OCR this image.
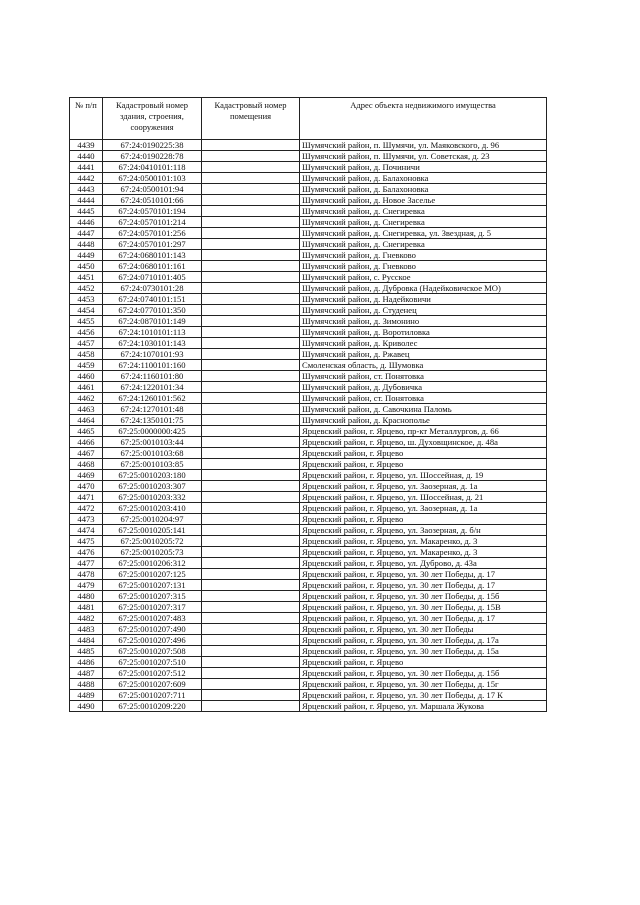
№ п/п	Кадастровый номер здания, строения, сооружения	Кадастровый номер помещения	Адрес объекта недвижимого имущества
4439	67:24:0190225:38		Шумячский район, п. Шумячи, ул. Маяковского, д. 96
4440	67:24:0190228:78		Шумячский район, п. Шумячи, ул. Советская, д. 23
4441	67:24:0410101:118		Шумячский район, д. Починичи
4442	67:24:0500101:103		Шумячский район, д. Балахоновка
4443	67:24:0500101:94		Шумячский район, д. Балахоновка
4444	67:24:0510101:66		Шумячский район, д. Новое Заселье
4445	67:24:0570101:194		Шумячский район, д. Снегиревка
4446	67:24:0570101:214		Шумячский район, д. Снегиревка
4447	67:24:0570101:256		Шумячский район, д. Снегиревка, ул. Звездная, д. 5
4448	67:24:0570101:297		Шумячский район, д. Снегиревка
4449	67:24:0680101:143		Шумячский район, д. Гневково
4450	67:24:0680101:161		Шумячский район, д. Гневково
4451	67:24:0710101:405		Шумячский район, с. Русское
4452	67:24:0730101:28		Шумячский район, д. Дубровка (Надейковичское МО)
4453	67:24:0740101:151		Шумячский район, д. Надейковичи
4454	67:24:0770101:350		Шумячский район, д. Студенец
4455	67:24:0870101:149		Шумячский район, д. Зимонино
4456	67:24:1010101:113		Шумячский район, д. Воротиловка
4457	67:24:1030101:143		Шумячский район, д. Криволес
4458	67:24:1070101:93		Шумячский район, д. Ржавец
4459	67:24:1100101:160		Смоленская область, д. Шумовка
4460	67:24:1160101:80		Шумячский район, ст. Понятовка
4461	67:24:1220101:34		Шумячский район, д. Дубовичка
4462	67:24:1260101:562		Шумячский район, ст. Понятовка
4463	67:24:1270101:48		Шумячский район, д. Савочкина Паломь
4464	67:24:1350101:75		Шумячский район, д. Краснополье
4465	67:25:0000000:425		Ярцевский район, г. Ярцево, пр-кт Металлургов, д. 66
4466	67:25:0010103:44		Ярцевский район, г. Ярцево, ш. Духовщинское, д. 48a
4467	67:25:0010103:68		Ярцевский район, г. Ярцево
4468	67:25:0010103:85		Ярцевский район, г. Ярцево
4469	67:25:0010203:180		Ярцевский район, г. Ярцево, ул. Шоссейная, д. 19
4470	67:25:0010203:307		Ярцевский район, г. Ярцево, ул. Заозерная, д. 1а
4471	67:25:0010203:332		Ярцевский район, г. Ярцево, ул. Шоссейная, д. 21
4472	67:25:0010203:410		Ярцевский район, г. Ярцево, ул. Заозерная, д. 1а
4473	67:25:0010204:97		Ярцевский район, г. Ярцево
4474	67:25:0010205:141		Ярцевский район, г. Ярцево, ул. Заозерная, д. б/н
4475	67:25:0010205:72		Ярцевский район, г. Ярцево, ул. Макаренко, д. 3
4476	67:25:0010205:73		Ярцевский район, г. Ярцево, ул. Макаренко, д. 3
4477	67:25:0010206:312		Ярцевский район, г. Ярцево, ул. Дуброво, д. 43а
4478	67:25:0010207:125		Ярцевский район, г. Ярцево, ул. 30 лет Победы, д. 17
4479	67:25:0010207:131		Ярцевский район, г. Ярцево, ул. 30 лет Победы, д. 17
4480	67:25:0010207:315		Ярцевский район, г. Ярцево, ул. 30 лет Победы, д. 15б
4481	67:25:0010207:317		Ярцевский район, г. Ярцево, ул. 30 лет Победы, д. 15В
4482	67:25:0010207:483		Ярцевский район, г. Ярцево, ул. 30 лет Победы, д. 17
4483	67:25:0010207:490		Ярцевский район, г. Ярцево, ул. 30 лет Победы
4484	67:25:0010207:496		Ярцевский район, г. Ярцево, ул. 30 лет Победы, д. 17а
4485	67:25:0010207:508		Ярцевский район, г. Ярцево, ул. 30 лет Победы, д. 15а
4486	67:25:0010207:510		Ярцевский район, г. Ярцево
4487	67:25:0010207:512		Ярцевский район, г. Ярцево, ул. 30 лет Победы, д. 15б
4488	67:25:0010207:609		Ярцевский район, г. Ярцево, ул. 30 лет Победы, д. 15г
4489	67:25:0010207:711		Ярцевский район, г. Ярцево, ул. 30 лет Победы, д. 17 К
4490	67:25:0010209:220		Ярцевский район, г. Ярцево, ул. Маршала Жукова
